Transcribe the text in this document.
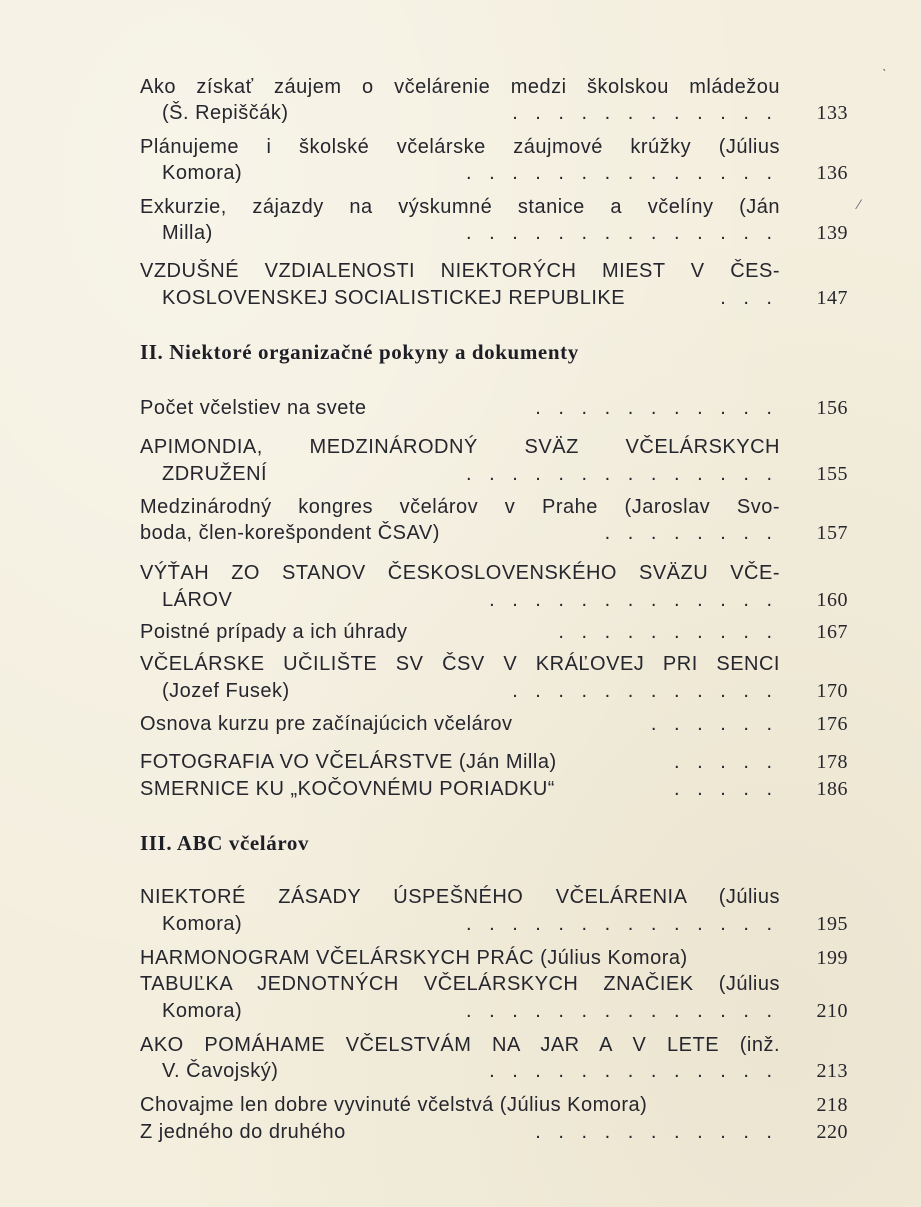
Ako získať záujem o včelárenie medzi školskou mládežou
(Š. Repiščák)	. . . . . . . . . . . . 133
Plánujeme i školské včelárske záujmové krúžky (Július
Komora)	. . . . . . . . . . . . . . 136
Exkurzie, zájazdy na výskumné stanice a včelíny (Ján
Milla)	. . . . . . . . . . . . . . 139
VZDUŠNÉ VZDIALENOSTI NIEKTORÝCH MIEST V ČES-
KOSLOVENSKEJ SOCIALISTICKEJ REPUBLIKE	. . . 147
II. Niektoré organizačné pokyny a dokumenty
Počet včelstiev na svete	. . . . . . . . . . . 156
APIMONDIA, MEDZINÁRODNÝ SVÄZ VČELÁRSKYCH
ZDRUŽENÍ	. . . . . . . . . . . . . . 155
Medzinárodný kongres včelárov v Prahe (Jaroslav Svo-
boda, člen-korešpondent ČSAV)	. . . . . . . . 157
VÝŤAH ZO STANOV ČESKOSLOVENSKÉHO SVÄZU VČE-
LÁROV	. . . . . . . . . . . . . 160
Poistné prípady a ich úhrady	. . . . . . . . . . 167
VČELÁRSKE UČILIŠTE SV ČSV V KRÁĽOVEJ PRI SENCI
(Jozef Fusek)	. . . . . . . . . . . . 170
Osnova kurzu pre začínajúcich včelárov	. . . . . . 176
FOTOGRAFIA VO VČELÁRSTVE (Ján Milla)	. . . . . 178
SMERNICE KU „KOČOVNÉMU PORIADKU“	. . . . . 186
III. ABC včelárov
NIEKTORÉ ZÁSADY ÚSPEŠNÉHO VČELÁRENIA (Július
Komora)	. . . . . . . . . . . . . . 195
HARMONOGRAM VČELÁRSKYCH PRÁC (Július Komora)	199
TABUĽKA JEDNOTNÝCH VČELÁRSKYCH ZNAČIEK (Július
Komora)	. . . . . . . . . . . . . . 210
AKO POMÁHAME VČELSTVÁM NA JAR A V LETE (inž.
V. Čavojský)	. . . . . . . . . . . . . 213
Chovajme len dobre vyvinuté včelstvá (Július Komora)	218
Z jedného do druhého	. . . . . . . . . . . 220
ˋ
⁄
